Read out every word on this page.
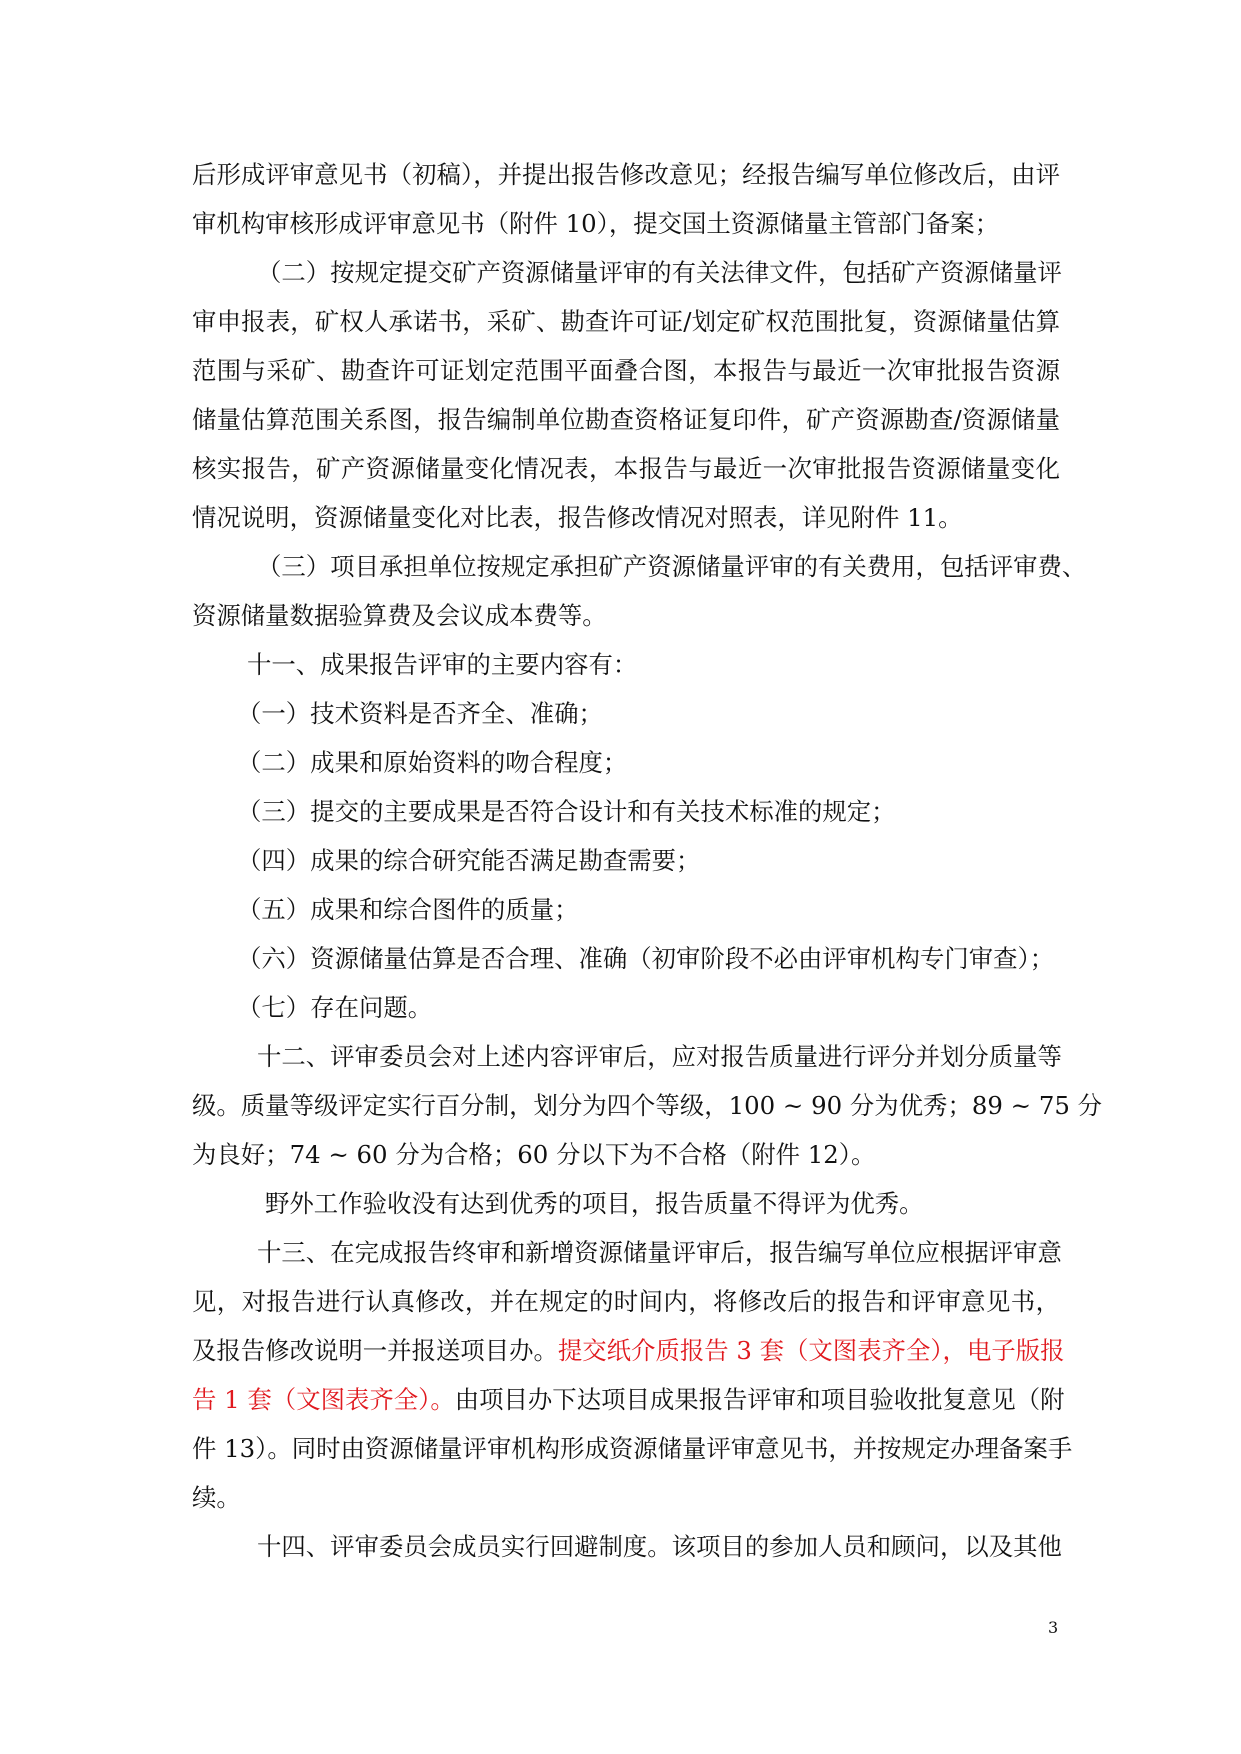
后形成评审意见书（初稿），并提出报告修改意见；经报告编写单位修改后，由评
审机构审核形成评审意见书（附件 10），提交国土资源储量主管部门备案；
（二）按规定提交矿产资源储量评审的有关法律文件，包括矿产资源储量评
审申报表，矿权人承诺书，采矿、勘查许可证/划定矿权范围批复，资源储量估算
范围与采矿、勘查许可证划定范围平面叠合图，本报告与最近一次审批报告资源
储量估算范围关系图，报告编制单位勘查资格证复印件，矿产资源勘查/资源储量
核实报告，矿产资源储量变化情况表，本报告与最近一次审批报告资源储量变化
情况说明，资源储量变化对比表，报告修改情况对照表，详见附件 11。
（三）项目承担单位按规定承担矿产资源储量评审的有关费用，包括评审费、
资源储量数据验算费及会议成本费等。
十一、成果报告评审的主要内容有：
（一）技术资料是否齐全、准确；
（二）成果和原始资料的吻合程度；
（三）提交的主要成果是否符合设计和有关技术标准的规定；
（四）成果的综合研究能否满足勘查需要；
（五）成果和综合图件的质量；
（六）资源储量估算是否合理、准确（初审阶段不必由评审机构专门审查）；
（七）存在问题。
十二、评审委员会对上述内容评审后，应对报告质量进行评分并划分质量等
级。质量等级评定实行百分制，划分为四个等级，100 ~ 90 分为优秀；89 ~ 75 分
为良好；74 ~ 60 分为合格；60 分以下为不合格（附件 12）。
野外工作验收没有达到优秀的项目，报告质量不得评为优秀。
十三、在完成报告终审和新增资源储量评审后，报告编写单位应根据评审意
见，对报告进行认真修改，并在规定的时间内，将修改后的报告和评审意见书，
及报告修改说明一并报送项目办。提交纸介质报告 3 套（文图表齐全），电子版报
告 1 套（文图表齐全）。由项目办下达项目成果报告评审和项目验收批复意见（附
件 13）。同时由资源储量评审机构形成资源储量评审意见书，并按规定办理备案手
续。
十四、评审委员会成员实行回避制度。该项目的参加人员和顾问，以及其他
3
